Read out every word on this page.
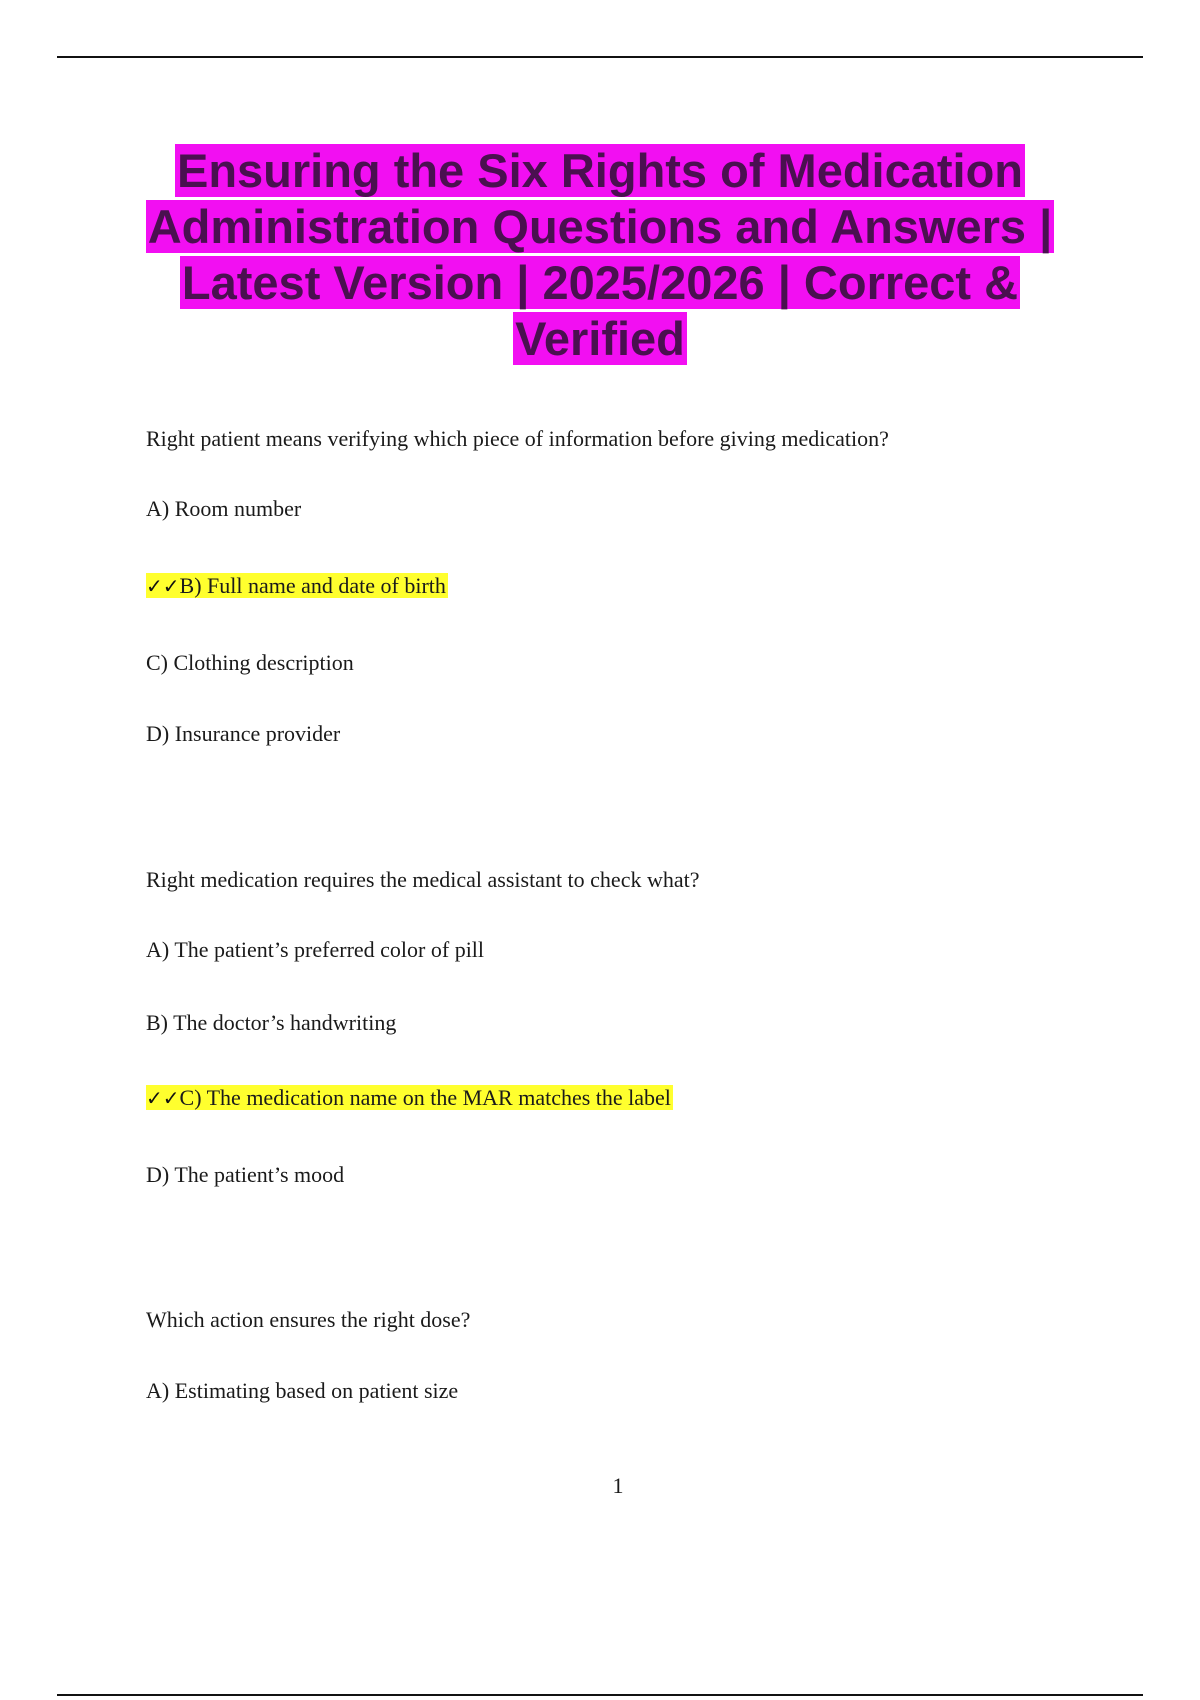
Ensuring the Six Rights of Medication Administration Questions and Answers | Latest Version | 2025/2026 | Correct & Verified

Right patient means verifying which piece of information before giving medication?

A) Room number

✓✓B) Full name and date of birth

C) Clothing description

D) Insurance provider

Right medication requires the medical assistant to check what?

A) The patient’s preferred color of pill

B) The doctor’s handwriting

✓✓C) The medication name on the MAR matches the label

D) The patient’s mood

Which action ensures the right dose?

A) Estimating based on patient size

1
